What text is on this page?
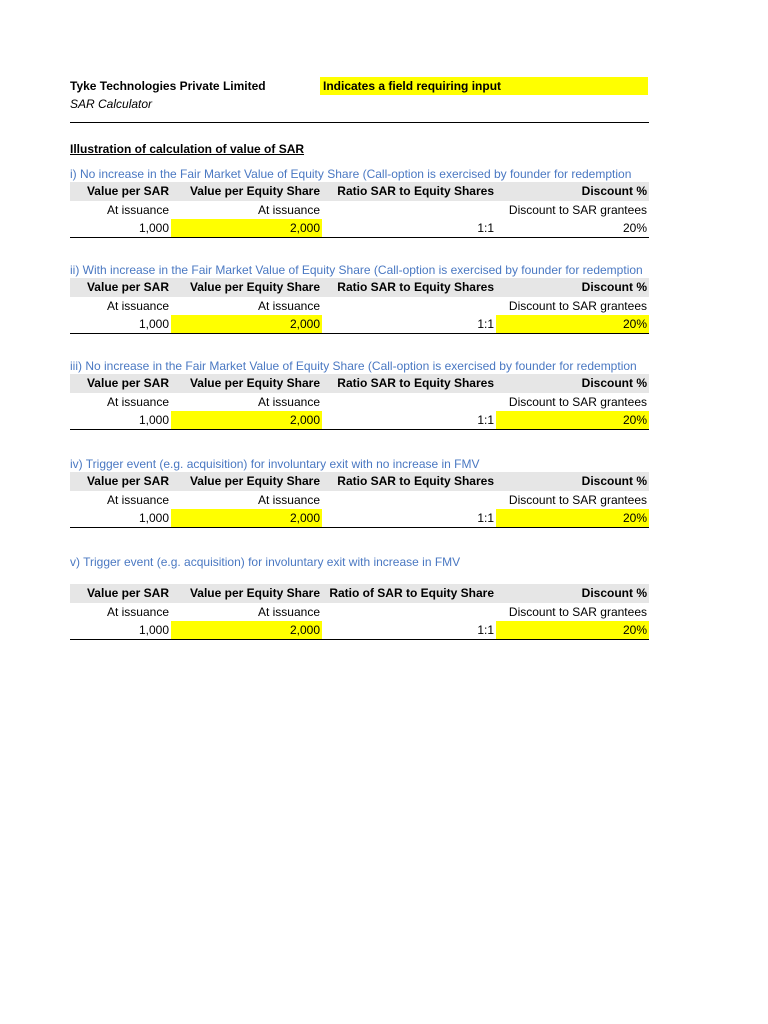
Tyke Technologies Private Limited
SAR Calculator
Indicates a field requiring input
Illustration of calculation of value of SAR
i) No increase in the Fair Market Value of Equity Share (Call-option is exercised by founder for redemption
Value per SAR	Value per Equity Share	Ratio SAR to Equity Shares	Discount %
At issuance	At issuance		Discount to SAR grantees
1,000	2,000	1:1	20%
ii) With increase in the Fair Market Value of Equity Share (Call-option is exercised by founder for redemption
Value per SAR	Value per Equity Share	Ratio SAR to Equity Shares	Discount %
At issuance	At issuance		Discount to SAR grantees
1,000	2,000	1:1	20%
iii) No increase in the Fair Market Value of Equity Share (Call-option is exercised by founder for redemption
Value per SAR	Value per Equity Share	Ratio SAR to Equity Shares	Discount %
At issuance	At issuance		Discount to SAR grantees
1,000	2,000	1:1	20%
iv) Trigger event (e.g. acquisition) for involuntary exit with no increase in FMV
Value per SAR	Value per Equity Share	Ratio SAR to Equity Shares	Discount %
At issuance	At issuance		Discount to SAR grantees
1,000	2,000	1:1	20%
v) Trigger event (e.g. acquisition) for involuntary exit with increase in FMV
Value per SAR	Value per Equity Share	Ratio of SAR to Equity Share	Discount %
At issuance	At issuance		Discount to SAR grantees
1,000	2,000	1:1	20%
